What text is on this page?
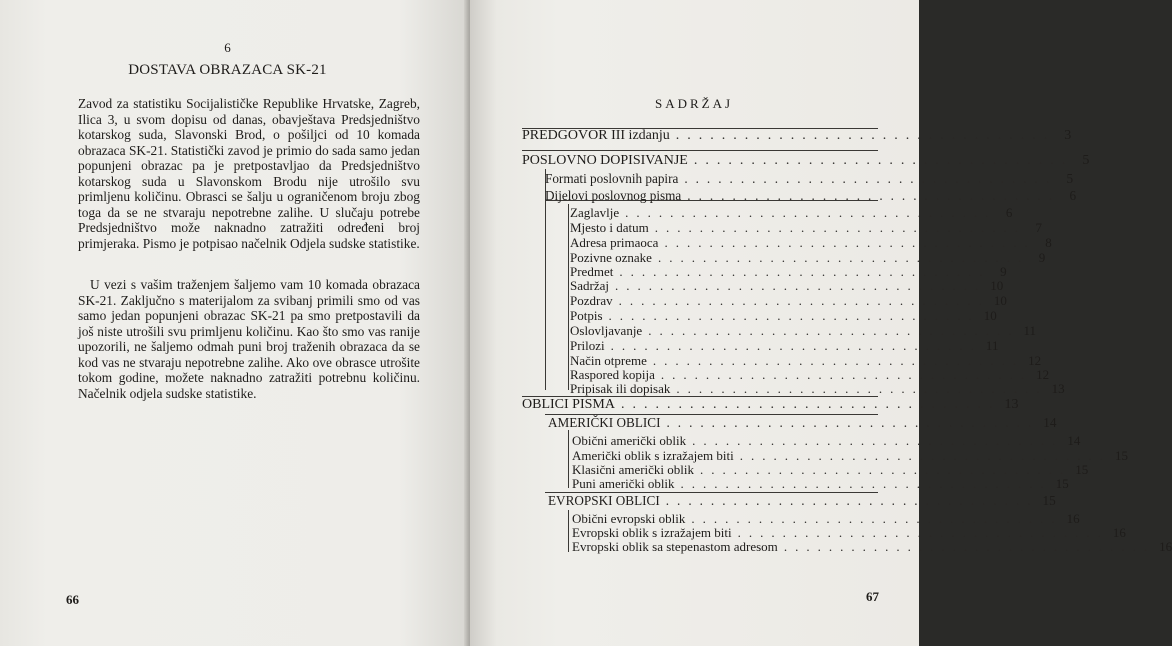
6
DOSTAVA OBRAZACA SK-21

Zavod za statistiku Socijalističke Republike Hrvatske, Zagreb, Ilica 3, u svom dopisu od danas, obavještava Predsjedništvo kotarskog suda, Slavonski Brod, o pošiljci od 10 komada obrazaca SK-21. Statistički zavod je primio do sada samo jedan popunjeni obrazac pa je pretpostavljao da Predsjedništvo kotarskog suda u Slavonskom Brodu nije utrošilo svu primljenu količinu. Obrasci se šalju u ograničenom broju zbog toga da se ne stvaraju nepotrebne zalihe. U slučaju potrebe Predsjedništvo može naknadno zatražiti određeni broj primjeraka. Pismo je potpisao načelnik Odjela sudske statistike.

U vezi s vašim traženjem šaljemo vam 10 komada obrazaca SK-21. Zaključno s materijalom za svibanj primili smo od vas samo jedan popunjeni obrazac SK-21 pa smo pretpostavili da još niste utrošili svu primljenu količinu. Kao što smo vas ranije upozorili, ne šaljemo odmah puni broj traženih obrazaca da se kod vas ne stvaraju nepotrebne zalihe. Ako ove obrasce utrošite tokom godine, možete naknadno zatražiti potrebnu količinu. Načelnik odjela sudske statistike.

66
SADRŽAJ
PREDGOVOR III izdanju ................................. 3
POSLOVNO DOPISIVANJE ................................. 5
Formati poslovnih papira ................................. 5
Dijelovi poslovnog pisma ................................. 6
Zaglavlje ................................. 6
Mjesto i datum ................................. 7
Adresa primaoca ................................. 8
Pozivne oznake ................................. 9
Predmet ................................. 9
Sadržaj ................................. 10
Pozdrav ................................. 10
Potpis ................................. 10
Oslovljavanje ................................. 11
Prilozi ................................. 11
Način otpreme ................................. 12
Raspored kopija ................................. 12
Pripisak ili dopisak ................................. 13
OBLICI PISMA ................................. 13
AMERIČKI OBLICI ................................. 14
Obični američki oblik ................................. 14
Američki oblik s izražajem biti ................................. 15
Klasični američki oblik ................................. 15
Puni američki oblik ................................. 15
EVROPSKI OBLICI ................................. 15
Obični evropski oblik ................................. 16
Evropski oblik s izražajem biti ................................. 16
Evropski oblik sa stepenastom adresom ................................. 16
67
